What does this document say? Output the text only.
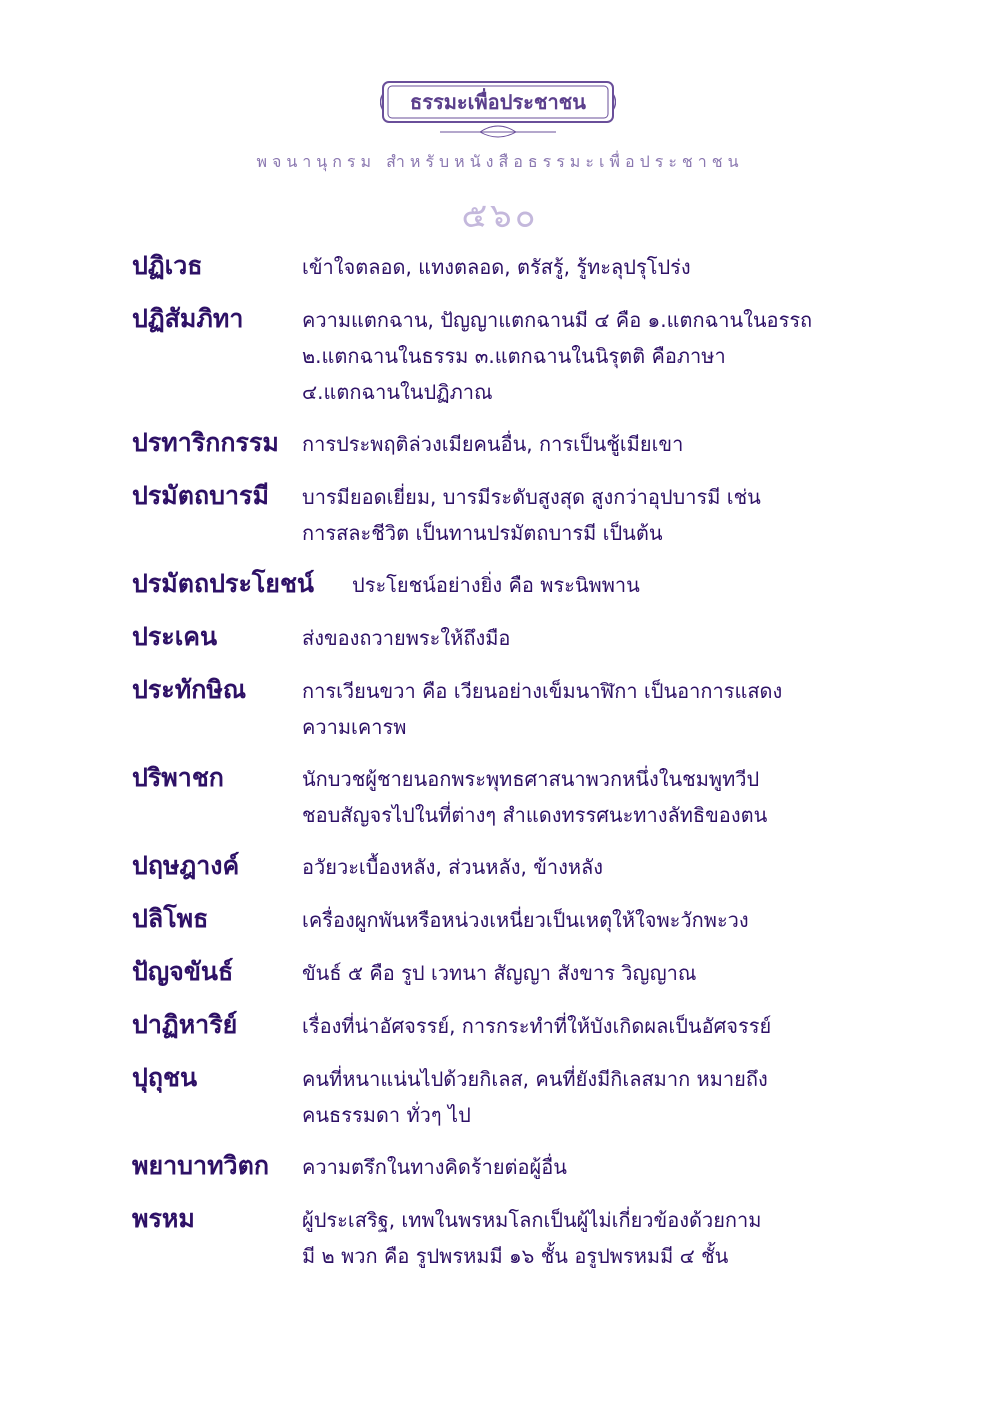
ธรรมะเพื่อประชาชน
พจนานุกรม สำหรับหนังสือธรรมะเพื่อประชาชน
๕๖๐
ปฏิเวธ	เข้าใจตลอด, แทงตลอด, ตรัสรู้, รู้ทะลุปรุโปร่ง
ปฏิสัมภิทา	ความแตกฉาน, ปัญญาแตกฉานมี ๔ คือ ๑.แตกฉานในอรรถ
๒.แตกฉานในธรรม ๓.แตกฉานในนิรุตติ คือภาษา
๔.แตกฉานในปฏิภาณ
ปรทาริกกรรม	การประพฤติล่วงเมียคนอื่น, การเป็นชู้เมียเขา
ปรมัตถบารมี	บารมียอดเยี่ยม, บารมีระดับสูงสุด สูงกว่าอุปบารมี เช่น
การสละชีวิต เป็นทานปรมัตถบารมี เป็นต้น
ปรมัตถประโยชน์	ประโยชน์อย่างยิ่ง คือ พระนิพพาน
ประเคน	ส่งของถวายพระให้ถึงมือ
ประทักษิณ	การเวียนขวา คือ เวียนอย่างเข็มนาฬิกา เป็นอาการแสดง
ความเคารพ
ปริพาชก	นักบวชผู้ชายนอกพระพุทธศาสนาพวกหนึ่งในชมพูทวีป
ชอบสัญจรไปในที่ต่างๆ สำแดงทรรศนะทางลัทธิของตน
ปฤษฎางค์	อวัยวะเบื้องหลัง, ส่วนหลัง, ข้างหลัง
ปลิโพธ	เครื่องผูกพันหรือหน่วงเหนี่ยวเป็นเหตุให้ใจพะวักพะวง
ปัญจขันธ์	ขันธ์ ๕ คือ รูป เวทนา สัญญา สังขาร วิญญาณ
ปาฏิหาริย์	เรื่องที่น่าอัศจรรย์, การกระทำที่ให้บังเกิดผลเป็นอัศจรรย์
ปุถุชน	คนที่หนาแน่นไปด้วยกิเลส, คนที่ยังมีกิเลสมาก หมายถึง
คนธรรมดา ทั่วๆ ไป
พยาบาทวิตก	ความตรึกในทางคิดร้ายต่อผู้อื่น
พรหม	ผู้ประเสริฐ, เทพในพรหมโลกเป็นผู้ไม่เกี่ยวข้องด้วยกาม
มี ๒ พวก คือ รูปพรหมมี ๑๖ ชั้น อรูปพรหมมี ๔ ชั้น
